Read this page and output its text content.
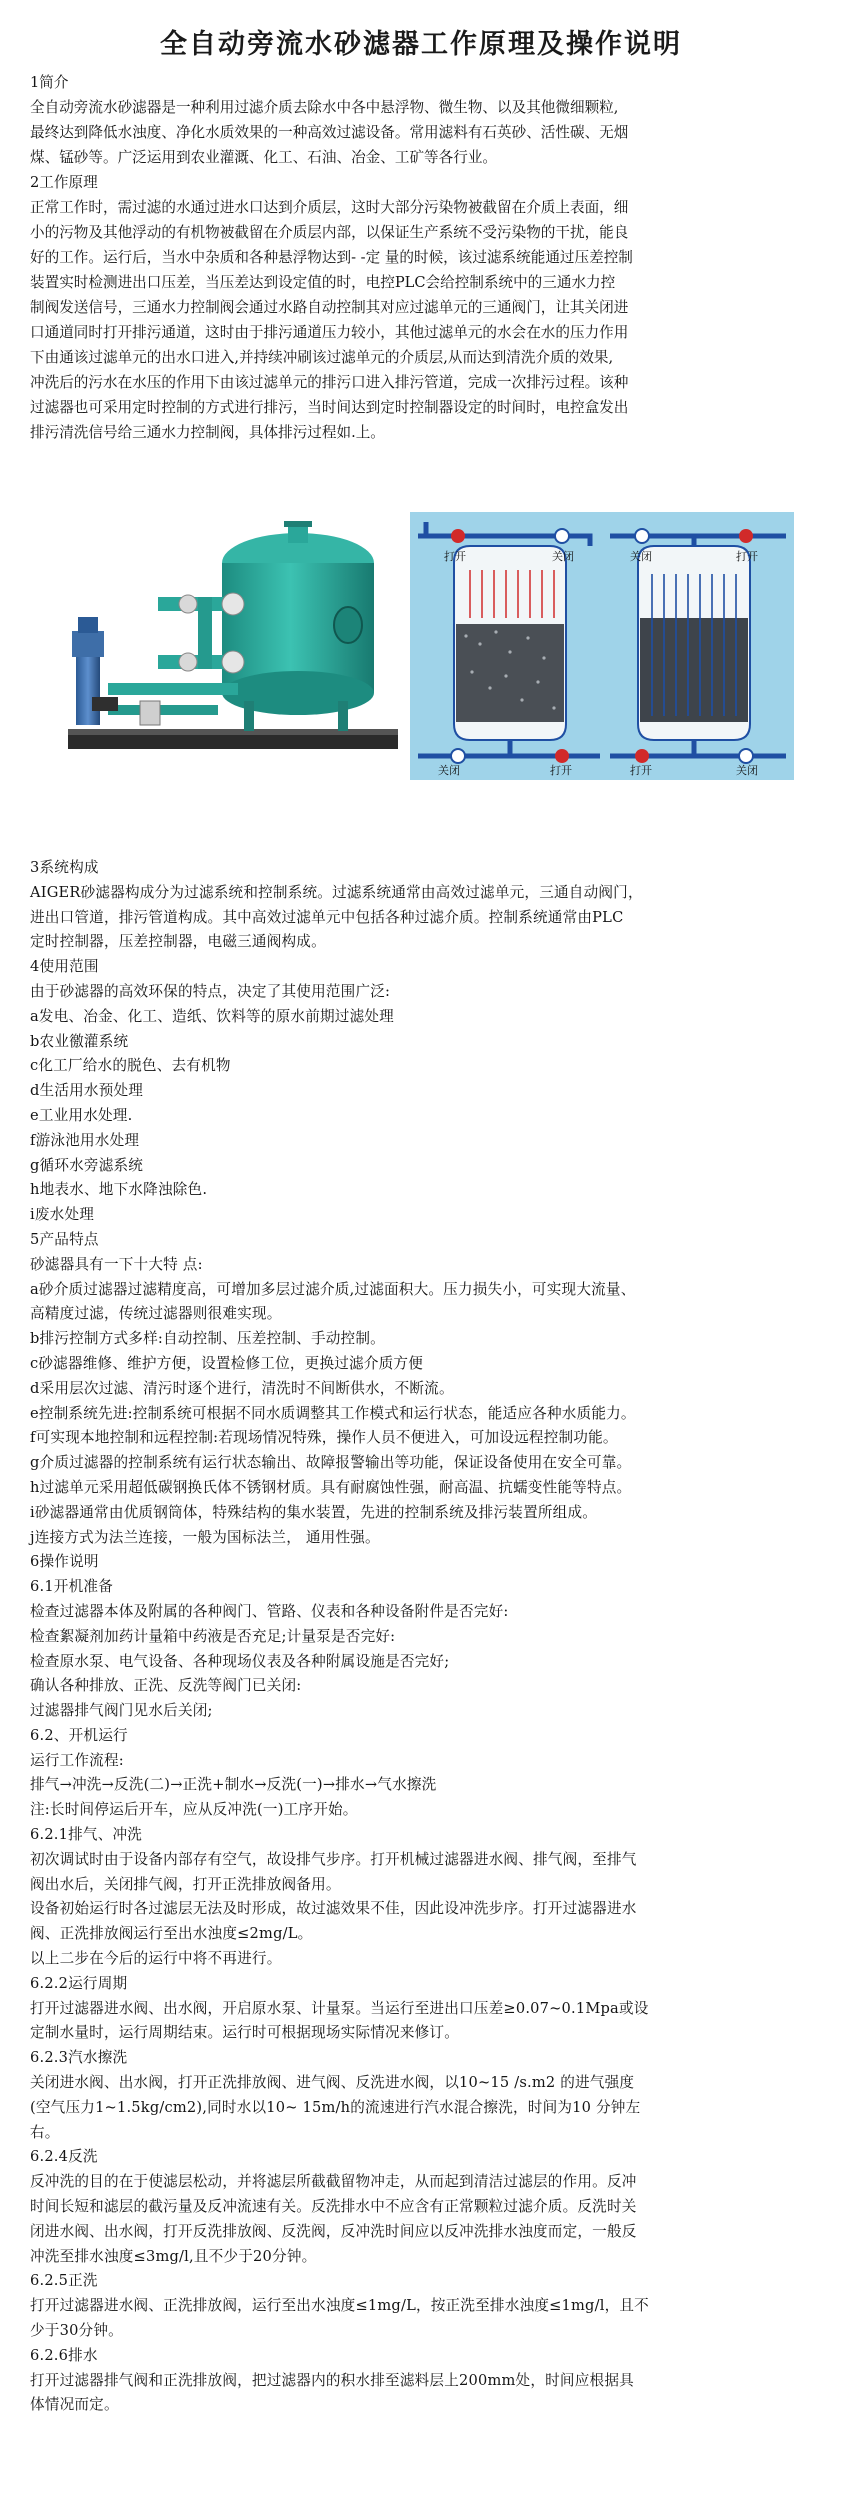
全自动旁流水砂滤器工作原理及操作说明

1简介

全自动旁流水砂滤器是一种利用过滤介质去除水中各中悬浮物、微生物、以及其他微细颗粒,

最终达到降低水浊度、净化水质效果的一种高效过滤设备。常用滤料有石英砂、活性碳、无烟

煤、锰砂等。广泛运用到农业灌溉、化工、石油、冶金、工矿等各行业。

2工作原理

正常工作时，需过滤的水通过进水口达到介质层，这时大部分污染物被截留在介质上表面，细

小的污物及其他浮动的有机物被截留在介质层内部，以保证生产系统不受污染物的干扰，能良

好的工作。运行后，当水中杂质和各种悬浮物达到- -定 量的时候，该过滤系统能通过压差控制

装置实时检测进出口压差，当压差达到设定值的时，电控PLC会给控制系统中的三通水力控

制阀发送信号，三通水力控制阀会通过水路自动控制其对应过滤单元的三通阀门，让其关闭进

口通道同时打开排污通道，这时由于排污通道压力较小，其他过滤单元的水会在水的压力作用

下由通该过滤单元的出水口进入,并持续冲刷该过滤单元的介质层,从而达到清洗介质的效果,

冲洗后的污水在水压的作用下由该过滤单元的排污口进入排污管道，完成一次排污过程。该种

过滤器也可采用定时控制的方式进行排污，当时间达到定时控制器设定的时间时，电控盒发出

排污清洗信号给三通水力控制阀，具体排污过程如.上。

打开	关闭
关闭	打开
关闭	打开
打开	关闭

3系统构成

AIGER砂滤器构成分为过滤系统和控制系统。过滤系统通常由高效过滤单元，三通自动阀门，

进出口管道，排污管道构成。其中高效过滤单元中包括各种过滤介质。控制系统通常由PLC

定时控制器，压差控制器，电磁三通阀构成。

4使用范围

由于砂滤器的高效环保的特点，决定了其使用范围广泛:

a发电、冶金、化工、造纸、饮料等的原水前期过滤处理

b农业徼灌系统

c化工厂给水的脱色、去有机物

d生活用水预处理

e工业用水处理.

f游泳池用水处理

g循环水旁滤系统

h地表水、地下水降浊除色.

i废水处理

5产品特点

砂滤器具有一下十大特 点:

a砂介质过滤器过滤精度高，可增加多层过滤介质,过滤面积大。压力损失小，可实现大流量、

高精度过滤，传统过滤器则很难实现。

b排污控制方式多样:自动控制、压差控制、手动控制。

c砂滤器维修、维护方便，设置检修工位，更换过滤介质方便

d采用层次过滤、清污时逐个进行，清洗时不间断供水，不断流。

e控制系统先进:控制系统可根据不同水质调整其工作模式和运行状态，能适应各种水质能力。

f可实现本地控制和远程控制:若现场情况特殊，操作人员不便进入，可加设远程控制功能。

g介质过滤器的控制系统有运行状态输出、故障报警输出等功能，保证设备使用在安全可靠。

h过滤单元采用超低碳钢换氏体不锈钢材质。具有耐腐蚀性强，耐高温、抗蠕变性能等特点。

i砂滤器通常由优质钢筒体，特殊结构的集水装置，先进的控制系统及排污装置所组成。

j连接方式为法兰连接，一般为国标法兰， 通用性强。

6操作说明

6.1开机准备

检查过滤器本体及附属的各种阀门、管路、仪表和各种设备附件是否完好:

检查絮凝剂加药计量箱中药液是否充足;计量泵是否完好:

检查原水泵、电气设备、各种现场仪表及各种附属设施是否完好;

确认各种排放、正洗、反洗等阀门已关闭:

过滤器排气阀门见水后关闭;

6.2、开机运行

运行工作流程:

排气→冲洗→反洗(二)→正洗+制水→反洗(一)→排水→气水擦洗

注:长时间停运后开车，应从反冲洗(一)工序开始。

6.2.1排气、冲洗

初次调试时由于设备内部存有空气，故设排气步序。打开机械过滤器进水阀、排气阀，至排气

阀出水后，关闭排气阀，打开正洗排放阀备用。

设备初始运行时各过滤层无法及时形成，故过滤效果不佳，因此设冲洗步序。打开过滤器进水

阀、正洗排放阀运行至出水浊度≤2mg/L。

以上二步在今后的运行中将不再进行。

6.2.2运行周期

打开过滤器进水阀、出水阀，开启原水泵、计量泵。当运行至进出口压差≥0.07~0.1Mpa或设

定制水量时，运行周期结束。运行时可根据现场实际情况来修订。

6.2.3汽水擦洗

关闭进水阀、出水阀，打开正洗排放阀、进气阀、反洗进水阀，以10~15 /s.m2 的进气强度

(空气压力1~1.5kg/cm2),同时水以10~ 15m/h的流速进行汽水混合擦洗，时间为10 分钟左

右。

6.2.4反洗

反冲洗的目的在于使滤层松动，并将滤层所截截留物冲走，从而起到清洁过滤层的作用。反冲

时间长短和滤层的截污量及反冲流速有关。反洗排水中不应含有正常颗粒过滤介质。反洗时关

闭进水阀、出水阀，打开反洗排放阀、反洗阀，反冲洗时间应以反冲洗排水浊度而定，一般反

冲洗至排水浊度≤3mg/l,且不少于20分钟。

6.2.5正洗

打开过滤器进水阀、正洗排放阀，运行至出水浊度≤1mg/L，按正洗至排水浊度≤1mg/l，且不

少于30分钟。

6.2.6排水

打开过滤器排气阀和正洗排放阀，把过滤器内的积水排至滤料层上200mm处，时间应根据具

体情况而定。
